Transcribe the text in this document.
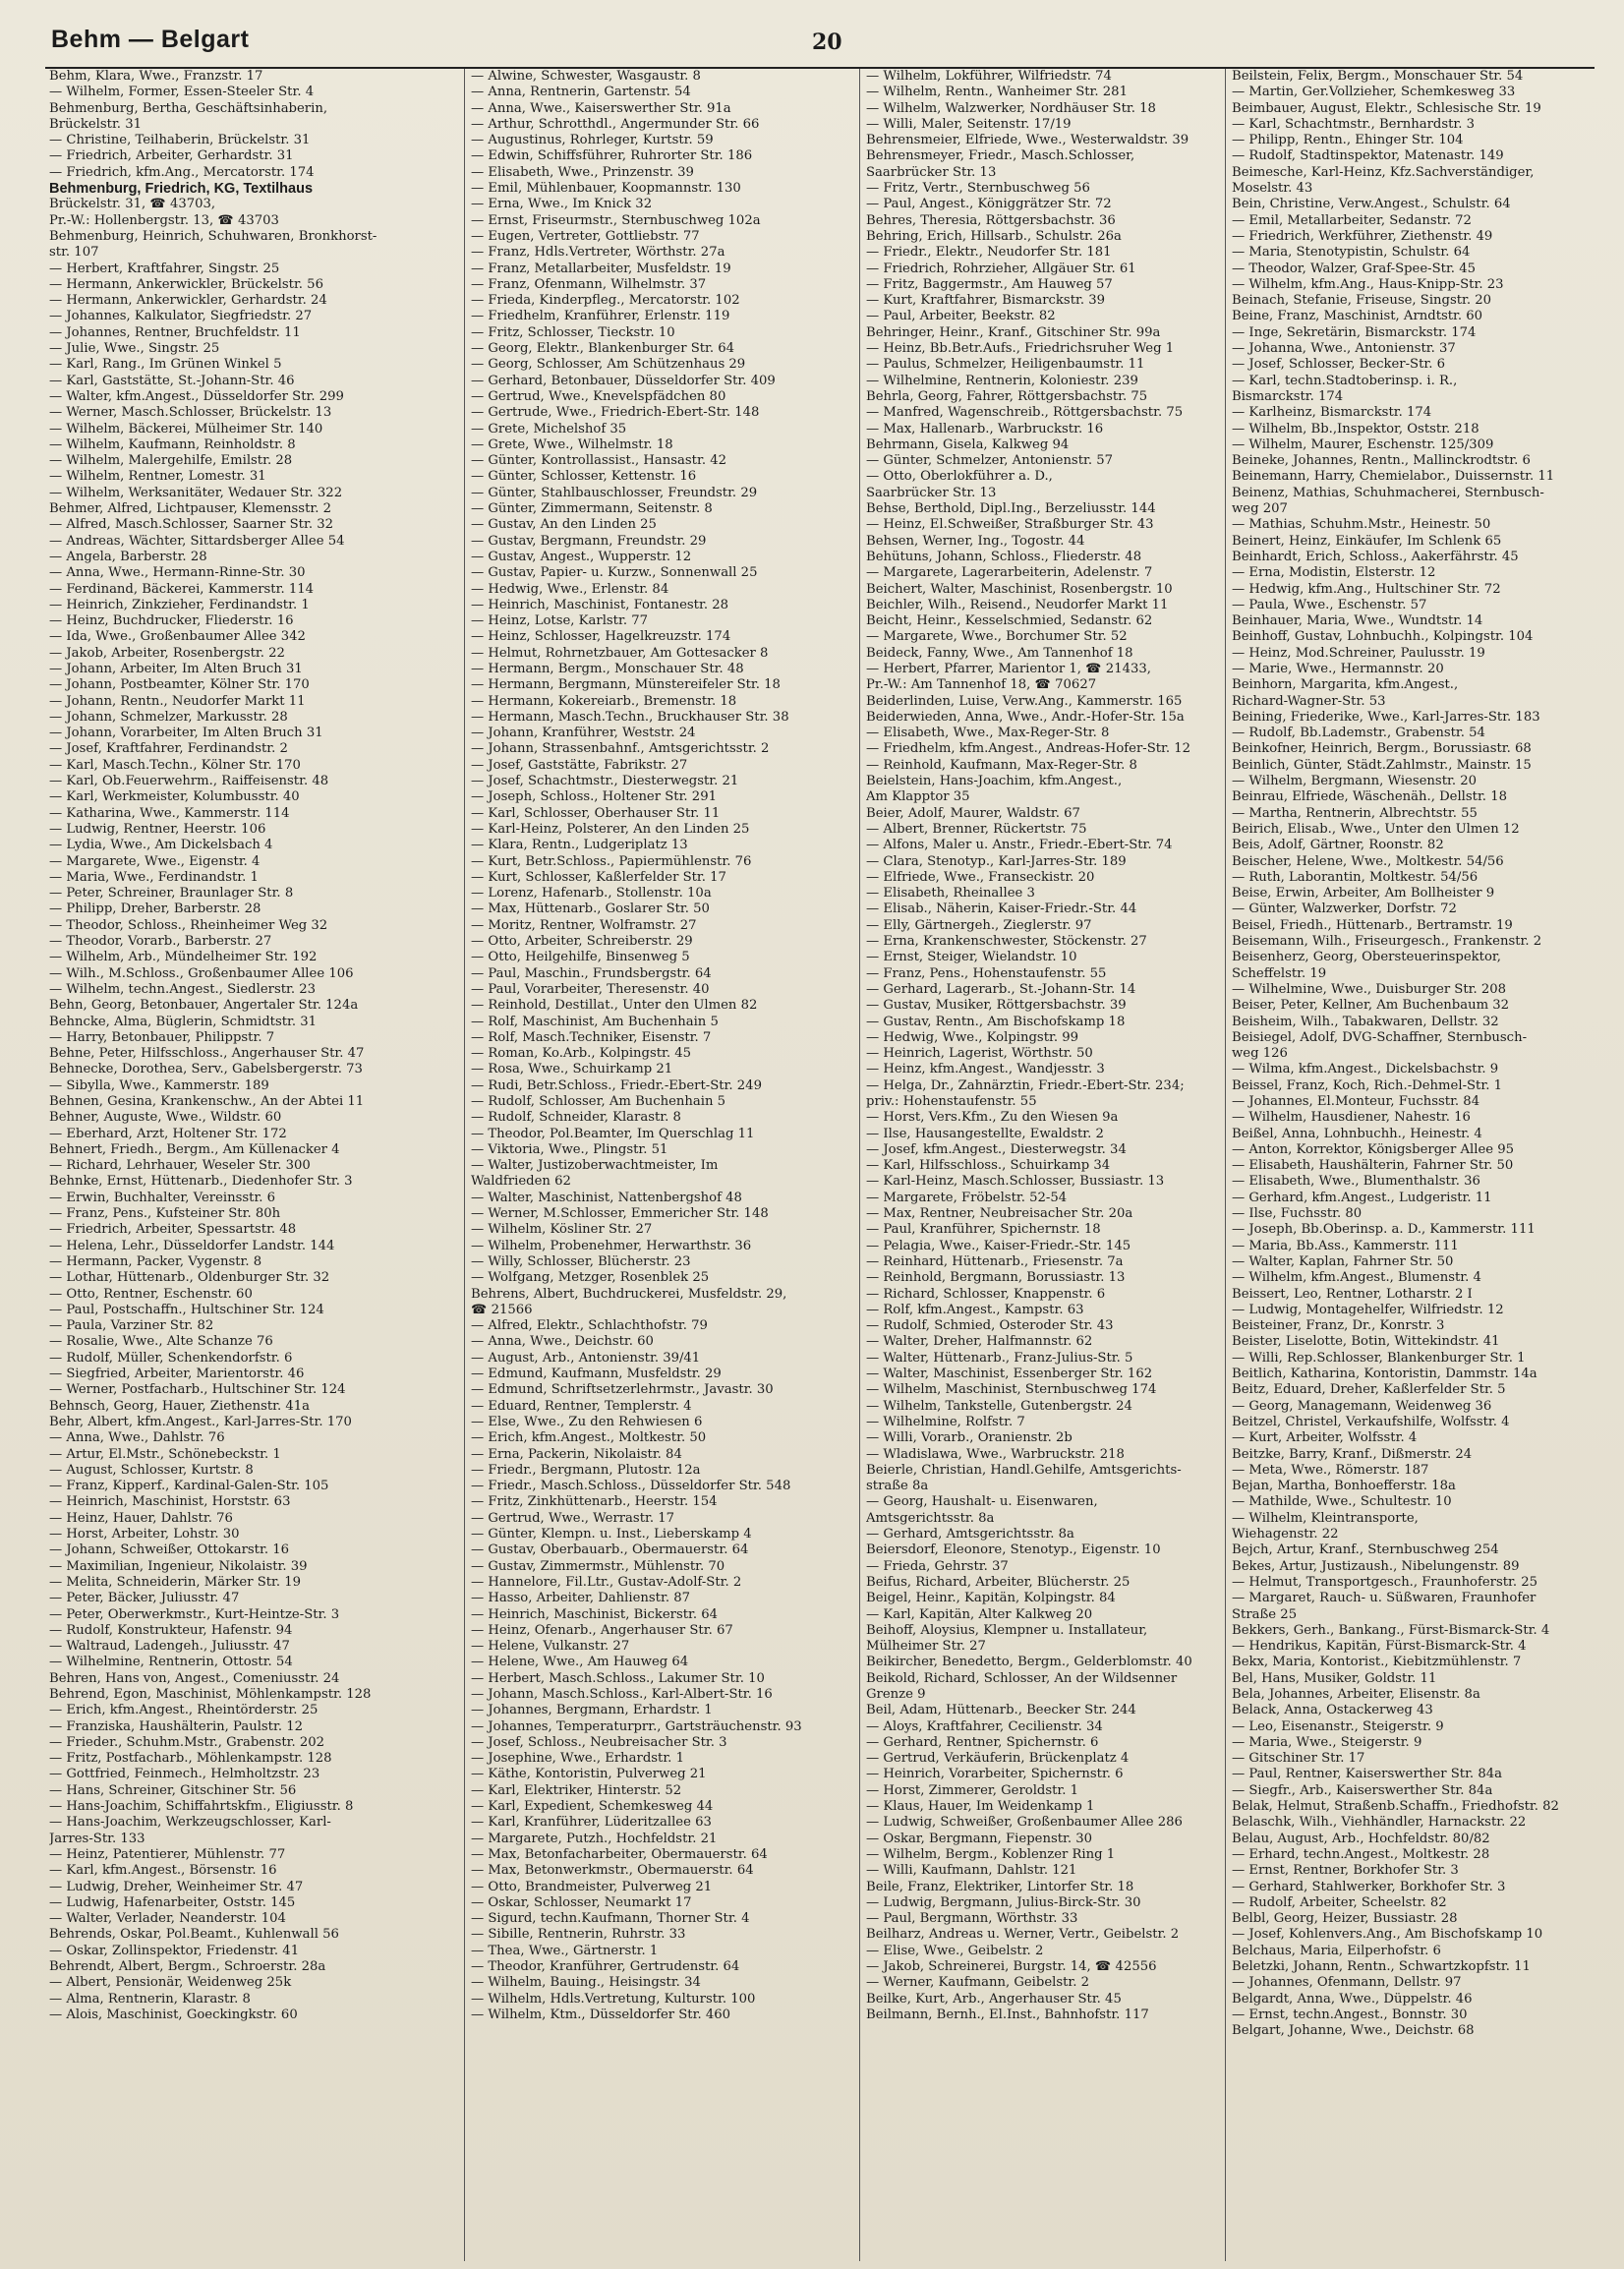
Behm — Belgart	20
Behm, Klara, Wwe., Franzstr. 17
— Wilhelm, Former, Essen-Steeler Str. 4
Behmenburg, Bertha, Geschäftsinhaberin,
Brückelstr. 31
— Christine, Teilhaberin, Brückelstr. 31
— Friedrich, Arbeiter, Gerhardstr. 31
— Friedrich, kfm.Ang., Mercatorstr. 174
Behmenburg, Friedrich, KG, Textilhaus
Brückelstr. 31, ☎ 43703,
Pr.-W.: Hollenbergstr. 13, ☎ 43703
Behmenburg, Heinrich, Schuhwaren, Bronkhorst-
str. 107
— Herbert, Kraftfahrer, Singstr. 25
— Hermann, Ankerwickler, Brückelstr. 56
— Hermann, Ankerwickler, Gerhardstr. 24
— Johannes, Kalkulator, Siegfriedstr. 27
— Johannes, Rentner, Bruchfeldstr. 11
— Julie, Wwe., Singstr. 25
— Karl, Rang., Im Grünen Winkel 5
— Karl, Gaststätte, St.-Johann-Str. 46
— Walter, kfm.Angest., Düsseldorfer Str. 299
— Werner, Masch.Schlosser, Brückelstr. 13
— Wilhelm, Bäckerei, Mülheimer Str. 140
— Wilhelm, Kaufmann, Reinholdstr. 8
— Wilhelm, Malergehilfe, Emilstr. 28
— Wilhelm, Rentner, Lomestr. 31
— Wilhelm, Werksanitäter, Wedauer Str. 322
Behmer, Alfred, Lichtpauser, Klemensstr. 2
— Alfred, Masch.Schlosser, Saarner Str. 32
— Andreas, Wächter, Sittardsberger Allee 54
— Angela, Barberstr. 28
— Anna, Wwe., Hermann-Rinne-Str. 30
— Ferdinand, Bäckerei, Kammerstr. 114
— Heinrich, Zinkzieher, Ferdinandstr. 1
— Heinz, Buchdrucker, Fliederstr. 16
— Ida, Wwe., Großenbaumer Allee 342
— Jakob, Arbeiter, Rosenbergstr. 22
— Johann, Arbeiter, Im Alten Bruch 31
— Johann, Postbeamter, Kölner Str. 170
— Johann, Rentn., Neudorfer Markt 11
— Johann, Schmelzer, Markusstr. 28
— Johann, Vorarbeiter, Im Alten Bruch 31
— Josef, Kraftfahrer, Ferdinandstr. 2
— Karl, Masch.Techn., Kölner Str. 170
— Karl, Ob.Feuerwehrm., Raiffeisenstr. 48
— Karl, Werkmeister, Kolumbusstr. 40
— Katharina, Wwe., Kammerstr. 114
— Ludwig, Rentner, Heerstr. 106
— Lydia, Wwe., Am Dickelsbach 4
— Margarete, Wwe., Eigenstr. 4
— Maria, Wwe., Ferdinandstr. 1
— Peter, Schreiner, Braunlager Str. 8
— Philipp, Dreher, Barberstr. 28
— Theodor, Schloss., Rheinheimer Weg 32
— Theodor, Vorarb., Barberstr. 27
— Wilhelm, Arb., Mündelheimer Str. 192
— Wilh., M.Schloss., Großenbaumer Allee 106
— Wilhelm, techn.Angest., Siedlerstr. 23
Behn, Georg, Betonbauer, Angertaler Str. 124a
Behncke, Alma, Büglerin, Schmidtstr. 31
— Harry, Betonbauer, Philippstr. 7
Behne, Peter, Hilfsschloss., Angerhauser Str. 47
Behnecke, Dorothea, Serv., Gabelsbergerstr. 73
— Sibylla, Wwe., Kammerstr. 189
Behnen, Gesina, Krankenschw., An der Abtei 11
Behner, Auguste, Wwe., Wildstr. 60
— Eberhard, Arzt, Holtener Str. 172
Behnert, Friedh., Bergm., Am Küllenacker 4
— Richard, Lehrhauer, Weseler Str. 300
Behnke, Ernst, Hüttenarb., Diedenhofer Str. 3
— Erwin, Buchhalter, Vereinsstr. 6
— Franz, Pens., Kufsteiner Str. 80h
— Friedrich, Arbeiter, Spessartstr. 48
— Helena, Lehr., Düsseldorfer Landstr. 144
— Hermann, Packer, Vygenstr. 8
— Lothar, Hüttenarb., Oldenburger Str. 32
— Otto, Rentner, Eschenstr. 60
— Paul, Postschaffn., Hultschiner Str. 124
— Paula, Varziner Str. 82
— Rosalie, Wwe., Alte Schanze 76
— Rudolf, Müller, Schenkendorfstr. 6
— Siegfried, Arbeiter, Marientorstr. 46
— Werner, Postfacharb., Hultschiner Str. 124
Behnsch, Georg, Hauer, Ziethenstr. 41a
Behr, Albert, kfm.Angest., Karl-Jarres-Str. 170
— Anna, Wwe., Dahlstr. 76
— Artur, El.Mstr., Schönebeckstr. 1
— August, Schlosser, Kurtstr. 8
— Franz, Kipperf., Kardinal-Galen-Str. 105
— Heinrich, Maschinist, Horststr. 63
— Heinz, Hauer, Dahlstr. 76
— Horst, Arbeiter, Lohstr. 30
— Johann, Schweißer, Ottokarstr. 16
— Maximilian, Ingenieur, Nikolaistr. 39
— Melita, Schneiderin, Märker Str. 19
— Peter, Bäcker, Juliusstr. 47
— Peter, Oberwerkmstr., Kurt-Heintze-Str. 3
— Rudolf, Konstrukteur, Hafenstr. 94
— Waltraud, Ladengeh., Juliusstr. 47
— Wilhelmine, Rentnerin, Ottostr. 54
Behren, Hans von, Angest., Comeniusstr. 24
Behrend, Egon, Maschinist, Möhlenkampstr. 128
— Erich, kfm.Angest., Rheintörderstr. 25
— Franziska, Haushälterin, Paulstr. 12
— Frieder., Schuhm.Mstr., Grabenstr. 202
— Fritz, Postfacharb., Möhlenkampstr. 128
— Gottfried, Feinmech., Helmholtzstr. 23
— Hans, Schreiner, Gitschiner Str. 56
— Hans-Joachim, Schiffahrtskfm., Eligiusstr. 8
— Hans-Joachim, Werkzeugschlosser, Karl-
Jarres-Str. 133
— Heinz, Patentierer, Mühlenstr. 77
— Karl, kfm.Angest., Börsenstr. 16
— Ludwig, Dreher, Weinheimer Str. 47
— Ludwig, Hafenarbeiter, Oststr. 145
— Walter, Verlader, Neanderstr. 104
Behrends, Oskar, Pol.Beamt., Kuhlenwall 56
— Oskar, Zollinspektor, Friedenstr. 41
Behrendt, Albert, Bergm., Schroerstr. 28a
— Albert, Pensionär, Weidenweg 25k
— Alma, Rentnerin, Klarastr. 8
— Alois, Maschinist, Goeckingkstr. 60
— Alwine, Schwester, Wasgaustr. 8
— Anna, Rentnerin, Gartenstr. 54
— Anna, Wwe., Kaiserswerther Str. 91a
— Arthur, Schrotthdl., Angermunder Str. 66
— Augustinus, Rohrleger, Kurtstr. 59
— Edwin, Schiffsführer, Ruhrorter Str. 186
— Elisabeth, Wwe., Prinzenstr. 39
— Emil, Mühlenbauer, Koopmannstr. 130
— Erna, Wwe., Im Knick 32
— Ernst, Friseurmstr., Sternbuschweg 102a
— Eugen, Vertreter, Gottliebstr. 77
— Franz, Hdls.Vertreter, Wörthstr. 27a
— Franz, Metallarbeiter, Musfeldstr. 19
— Franz, Ofenmann, Wilhelmstr. 37
— Frieda, Kinderpfleg., Mercatorstr. 102
— Friedhelm, Kranführer, Erlenstr. 119
— Fritz, Schlosser, Tieckstr. 10
— Georg, Elektr., Blankenburger Str. 64
— Georg, Schlosser, Am Schützenhaus 29
— Gerhard, Betonbauer, Düsseldorfer Str. 409
— Gertrud, Wwe., Knevelspfädchen 80
— Gertrude, Wwe., Friedrich-Ebert-Str. 148
— Grete, Michelshof 35
— Grete, Wwe., Wilhelmstr. 18
— Günter, Kontrollassist., Hansastr. 42
— Günter, Schlosser, Kettenstr. 16
— Günter, Stahlbauschlosser, Freundstr. 29
— Günter, Zimmermann, Seitenstr. 8
— Gustav, An den Linden 25
— Gustav, Bergmann, Freundstr. 29
— Gustav, Angest., Wupperstr. 12
— Gustav, Papier- u. Kurzw., Sonnenwall 25
— Hedwig, Wwe., Erlenstr. 84
— Heinrich, Maschinist, Fontanestr. 28
— Heinz, Lotse, Karlstr. 77
— Heinz, Schlosser, Hagelkreuzstr. 174
— Helmut, Rohrnetzbauer, Am Gottesacker 8
— Hermann, Bergm., Monschauer Str. 48
— Hermann, Bergmann, Münstereifeler Str. 18
— Hermann, Kokereiarb., Bremenstr. 18
— Hermann, Masch.Techn., Bruckhauser Str. 38
— Johann, Kranführer, Weststr. 24
— Johann, Strassenbahnf., Amtsgerichtsstr. 2
— Josef, Gaststätte, Fabrikstr. 27
— Josef, Schachtmstr., Diesterwegstr. 21
— Joseph, Schloss., Holtener Str. 291
— Karl, Schlosser, Oberhauser Str. 11
— Karl-Heinz, Polsterer, An den Linden 25
— Klara, Rentn., Ludgeriplatz 13
— Kurt, Betr.Schloss., Papiermühlenstr. 76
— Kurt, Schlosser, Kaßlerfelder Str. 17
— Lorenz, Hafenarb., Stollenstr. 10a
— Max, Hüttenarb., Goslarer Str. 50
— Moritz, Rentner, Wolframstr. 27
— Otto, Arbeiter, Schreiberstr. 29
— Otto, Heilgehilfe, Binsenweg 5
— Paul, Maschin., Frundsbergstr. 64
— Paul, Vorarbeiter, Theresenstr. 40
— Reinhold, Destillat., Unter den Ulmen 82
— Rolf, Maschinist, Am Buchenhain 5
— Rolf, Masch.Techniker, Eisenstr. 7
— Roman, Ko.Arb., Kolpingstr. 45
— Rosa, Wwe., Schuirkamp 21
— Rudi, Betr.Schloss., Friedr.-Ebert-Str. 249
— Rudolf, Schlosser, Am Buchenhain 5
— Rudolf, Schneider, Klarastr. 8
— Theodor, Pol.Beamter, Im Querschlag 11
— Viktoria, Wwe., Plingstr. 51
— Walter, Justizoberwachtmeister, Im
Waldfrieden 62
— Walter, Maschinist, Nattenbergshof 48
— Werner, M.Schlosser, Emmericher Str. 148
— Wilhelm, Kösliner Str. 27
— Wilhelm, Probenehmer, Herwarthstr. 36
— Willy, Schlosser, Blücherstr. 23
— Wolfgang, Metzger, Rosenblek 25
Behrens, Albert, Buchdruckerei, Musfeldstr. 29,
☎ 21566
— Alfred, Elektr., Schlachthofstr. 79
— Anna, Wwe., Deichstr. 60
— August, Arb., Antonienstr. 39/41
— Edmund, Kaufmann, Musfeldstr. 29
— Edmund, Schriftsetzerlehrmstr., Javastr. 30
— Eduard, Rentner, Templerstr. 4
— Else, Wwe., Zu den Rehwiesen 6
— Erich, kfm.Angest., Moltkestr. 50
— Erna, Packerin, Nikolaistr. 84
— Friedr., Bergmann, Plutostr. 12a
— Friedr., Masch.Schloss., Düsseldorfer Str. 548
— Fritz, Zinkhüttenarb., Heerstr. 154
— Gertrud, Wwe., Werrastr. 17
— Günter, Klempn. u. Inst., Lieberskamp 4
— Gustav, Oberbauarb., Obermauerstr. 64
— Gustav, Zimmermstr., Mühlenstr. 70
— Hannelore, Fil.Ltr., Gustav-Adolf-Str. 2
— Hasso, Arbeiter, Dahlienstr. 87
— Heinrich, Maschinist, Bickerstr. 64
— Heinz, Ofenarb., Angerhauser Str. 67
— Helene, Vulkanstr. 27
— Helene, Wwe., Am Hauweg 64
— Herbert, Masch.Schloss., Lakumer Str. 10
— Johann, Masch.Schloss., Karl-Albert-Str. 16
— Johannes, Bergmann, Erhardstr. 1
— Johannes, Temperaturprr., Gartsträuchenstr. 93
— Josef, Schloss., Neubreisacher Str. 3
— Josephine, Wwe., Erhardstr. 1
— Käthe, Kontoristin, Pulverweg 21
— Karl, Elektriker, Hinterstr. 52
— Karl, Expedient, Schemkesweg 44
— Karl, Kranführer, Lüderitzallee 63
— Margarete, Putzh., Hochfeldstr. 21
— Max, Betonfacharbeiter, Obermauerstr. 64
— Max, Betonwerkmstr., Obermauerstr. 64
— Otto, Brandmeister, Pulverweg 21
— Oskar, Schlosser, Neumarkt 17
— Sigurd, techn.Kaufmann, Thorner Str. 4
— Sibille, Rentnerin, Ruhrstr. 33
— Thea, Wwe., Gärtnerstr. 1
— Theodor, Kranführer, Gertrudenstr. 64
— Wilhelm, Bauing., Heisingstr. 34
— Wilhelm, Hdls.Vertretung, Kulturstr. 100
— Wilhelm, Ktm., Düsseldorfer Str. 460
— Wilhelm, Lokführer, Wilfriedstr. 74
— Wilhelm, Rentn., Wanheimer Str. 281
— Wilhelm, Walzwerker, Nordhäuser Str. 18
— Willi, Maler, Seitenstr. 17/19
Behrensmeier, Elfriede, Wwe., Westerwaldstr. 39
Behrensmeyer, Friedr., Masch.Schlosser,
Saarbrücker Str. 13
— Fritz, Vertr., Sternbuschweg 56
— Paul, Angest., Königgrätzer Str. 72
Behres, Theresia, Röttgersbachstr. 36
Behring, Erich, Hillsarb., Schulstr. 26a
— Friedr., Elektr., Neudorfer Str. 181
— Friedrich, Rohrzieher, Allgäuer Str. 61
— Fritz, Baggermstr., Am Hauweg 57
— Kurt, Kraftfahrer, Bismarckstr. 39
— Paul, Arbeiter, Beekstr. 82
Behringer, Heinr., Kranf., Gitschiner Str. 99a
— Heinz, Bb.Betr.Aufs., Friedrichsruher Weg 1
— Paulus, Schmelzer, Heiligenbaumstr. 11
— Wilhelmine, Rentnerin, Koloniestr. 239
Behrla, Georg, Fahrer, Röttgersbachstr. 75
— Manfred, Wagenschreib., Röttgersbachstr. 75
— Max, Hallenarb., Warbruckstr. 16
Behrmann, Gisela, Kalkweg 94
— Günter, Schmelzer, Antonienstr. 57
— Otto, Oberlokführer a. D.,
Saarbrücker Str. 13
Behse, Berthold, Dipl.Ing., Berzeliusstr. 144
— Heinz, El.Schweißer, Straßburger Str. 43
Behsen, Werner, Ing., Togostr. 44
Behütuns, Johann, Schloss., Fliederstr. 48
— Margarete, Lagerarbeiterin, Adelenstr. 7
Beichert, Walter, Maschinist, Rosenbergstr. 10
Beichler, Wilh., Reisend., Neudorfer Markt 11
Beicht, Heinr., Kesselschmied, Sedanstr. 62
— Margarete, Wwe., Borchumer Str. 52
Beideck, Fanny, Wwe., Am Tannenhof 18
— Herbert, Pfarrer, Marientor 1, ☎ 21433,
Pr.-W.: Am Tannenhof 18, ☎ 70627
Beiderlinden, Luise, Verw.Ang., Kammerstr. 165
Beiderwieden, Anna, Wwe., Andr.-Hofer-Str. 15a
— Elisabeth, Wwe., Max-Reger-Str. 8
— Friedhelm, kfm.Angest., Andreas-Hofer-Str. 12
— Reinhold, Kaufmann, Max-Reger-Str. 8
Beielstein, Hans-Joachim, kfm.Angest.,
Am Klapptor 35
Beier, Adolf, Maurer, Waldstr. 67
— Albert, Brenner, Rückertstr. 75
— Alfons, Maler u. Anstr., Friedr.-Ebert-Str. 74
— Clara, Stenotyp., Karl-Jarres-Str. 189
— Elfriede, Wwe., Franseckistr. 20
— Elisabeth, Rheinallee 3
— Elisab., Näherin, Kaiser-Friedr.-Str. 44
— Elly, Gärtnergeh., Zieglerstr. 97
— Erna, Krankenschwester, Stöckenstr. 27
— Ernst, Steiger, Wielandstr. 10
— Franz, Pens., Hohenstaufenstr. 55
— Gerhard, Lagerarb., St.-Johann-Str. 14
— Gustav, Musiker, Röttgersbachstr. 39
— Gustav, Rentn., Am Bischofskamp 18
— Hedwig, Wwe., Kolpingstr. 99
— Heinrich, Lagerist, Wörthstr. 50
— Heinz, kfm.Angest., Wandjesstr. 3
— Helga, Dr., Zahnärztin, Friedr.-Ebert-Str. 234;
priv.: Hohenstaufenstr. 55
— Horst, Vers.Kfm., Zu den Wiesen 9a
— Ilse, Hausangestellte, Ewaldstr. 2
— Josef, kfm.Angest., Diesterwegstr. 34
— Karl, Hilfsschloss., Schuirkamp 34
— Karl-Heinz, Masch.Schlosser, Bussiastr. 13
— Margarete, Fröbelstr. 52-54
— Max, Rentner, Neubreisacher Str. 20a
— Paul, Kranführer, Spichernstr. 18
— Pelagia, Wwe., Kaiser-Friedr.-Str. 145
— Reinhard, Hüttenarb., Friesenstr. 7a
— Reinhold, Bergmann, Borussiastr. 13
— Richard, Schlosser, Knappenstr. 6
— Rolf, kfm.Angest., Kampstr. 63
— Rudolf, Schmied, Osteroder Str. 43
— Walter, Dreher, Halfmannstr. 62
— Walter, Hüttenarb., Franz-Julius-Str. 5
— Walter, Maschinist, Essenberger Str. 162
— Wilhelm, Maschinist, Sternbuschweg 174
— Wilhelm, Tankstelle, Gutenbergstr. 24
— Wilhelmine, Rolfstr. 7
— Willi, Vorarb., Oranienstr. 2b
— Wladislawa, Wwe., Warbruckstr. 218
Beierle, Christian, Handl.Gehilfe, Amtsgerichts-
straße 8a
— Georg, Haushalt- u. Eisenwaren,
Amtsgerichtsstr. 8a
— Gerhard, Amtsgerichtsstr. 8a
Beiersdorf, Eleonore, Stenotyp., Eigenstr. 10
— Frieda, Gehrstr. 37
Beifus, Richard, Arbeiter, Blücherstr. 25
Beigel, Heinr., Kapitän, Kolpingstr. 84
— Karl, Kapitän, Alter Kalkweg 20
Beihoff, Aloysius, Klempner u. Installateur,
Mülheimer Str. 27
Beikircher, Benedetto, Bergm., Gelderblomstr. 40
Beikold, Richard, Schlosser, An der Wildsenner
Grenze 9
Beil, Adam, Hüttenarb., Beecker Str. 244
— Aloys, Kraftfahrer, Cecilienstr. 34
— Gerhard, Rentner, Spichernstr. 6
— Gertrud, Verkäuferin, Brückenplatz 4
— Heinrich, Vorarbeiter, Spichernstr. 6
— Horst, Zimmerer, Geroldstr. 1
— Klaus, Hauer, Im Weidenkamp 1
— Ludwig, Schweißer, Großenbaumer Allee 286
— Oskar, Bergmann, Fiepenstr. 30
— Wilhelm, Bergm., Koblenzer Ring 1
— Willi, Kaufmann, Dahlstr. 121
Beile, Franz, Elektriker, Lintorfer Str. 18
— Ludwig, Bergmann, Julius-Birck-Str. 30
— Paul, Bergmann, Wörthstr. 33
Beilharz, Andreas u. Werner, Vertr., Geibelstr. 2
— Elise, Wwe., Geibelstr. 2
— Jakob, Schreinerei, Burgstr. 14, ☎ 42556
— Werner, Kaufmann, Geibelstr. 2
Beilke, Kurt, Arb., Angerhauser Str. 45
Beilmann, Bernh., El.Inst., Bahnhofstr. 117
Beilstein, Felix, Bergm., Monschauer Str. 54
— Martin, Ger.Vollzieher, Schemkesweg 33
Beimbauer, August, Elektr., Schlesische Str. 19
— Karl, Schachtmstr., Bernhardstr. 3
— Philipp, Rentn., Ehinger Str. 104
— Rudolf, Stadtinspektor, Matenastr. 149
Beimesche, Karl-Heinz, Kfz.Sachverständiger,
Moselstr. 43
Bein, Christine, Verw.Angest., Schulstr. 64
— Emil, Metallarbeiter, Sedanstr. 72
— Friedrich, Werkführer, Ziethenstr. 49
— Maria, Stenotypistin, Schulstr. 64
— Theodor, Walzer, Graf-Spee-Str. 45
— Wilhelm, kfm.Ang., Haus-Knipp-Str. 23
Beinach, Stefanie, Friseuse, Singstr. 20
Beine, Franz, Maschinist, Arndtstr. 60
— Inge, Sekretärin, Bismarckstr. 174
— Johanna, Wwe., Antonienstr. 37
— Josef, Schlosser, Becker-Str. 6
— Karl, techn.Stadtoberinsp. i. R.,
Bismarckstr. 174
— Karlheinz, Bismarckstr. 174
— Wilhelm, Bb.,Inspektor, Oststr. 218
— Wilhelm, Maurer, Eschenstr. 125/309
Beineke, Johannes, Rentn., Mallinckrodtstr. 6
Beinemann, Harry, Chemielabor., Duissernstr. 11
Beinenz, Mathias, Schuhmacherei, Sternbusch-
weg 207
— Mathias, Schuhm.Mstr., Heinestr. 50
Beinert, Heinz, Einkäufer, Im Schlenk 65
Beinhardt, Erich, Schloss., Aakerfährstr. 45
— Erna, Modistin, Elsterstr. 12
— Hedwig, kfm.Ang., Hultschiner Str. 72
— Paula, Wwe., Eschenstr. 57
Beinhauer, Maria, Wwe., Wundtstr. 14
Beinhoff, Gustav, Lohnbuchh., Kolpingstr. 104
— Heinz, Mod.Schreiner, Paulusstr. 19
— Marie, Wwe., Hermannstr. 20
Beinhorn, Margarita, kfm.Angest.,
Richard-Wagner-Str. 53
Beining, Friederike, Wwe., Karl-Jarres-Str. 183
— Rudolf, Bb.Lademstr., Grabenstr. 54
Beinkofner, Heinrich, Bergm., Borussiastr. 68
Beinlich, Günter, Städt.Zahlmstr., Mainstr. 15
— Wilhelm, Bergmann, Wiesenstr. 20
Beinrau, Elfriede, Wäschenäh., Dellstr. 18
— Martha, Rentnerin, Albrechtstr. 55
Beirich, Elisab., Wwe., Unter den Ulmen 12
Beis, Adolf, Gärtner, Roonstr. 82
Beischer, Helene, Wwe., Moltkestr. 54/56
— Ruth, Laborantin, Moltkestr. 54/56
Beise, Erwin, Arbeiter, Am Bollheister 9
— Günter, Walzwerker, Dorfstr. 72
Beisel, Friedh., Hüttenarb., Bertramstr. 19
Beisemann, Wilh., Friseurgesch., Frankenstr. 2
Beisenherz, Georg, Obersteuerinspektor,
Scheffelstr. 19
— Wilhelmine, Wwe., Duisburger Str. 208
Beiser, Peter, Kellner, Am Buchenbaum 32
Beisheim, Wilh., Tabakwaren, Dellstr. 32
Beisiegel, Adolf, DVG-Schaffner, Sternbusch-
weg 126
— Wilma, kfm.Angest., Dickelsbachstr. 9
Beissel, Franz, Koch, Rich.-Dehmel-Str. 1
— Johannes, El.Monteur, Fuchsstr. 84
— Wilhelm, Hausdiener, Nahestr. 16
Beißel, Anna, Lohnbuchh., Heinestr. 4
— Anton, Korrektor, Königsberger Allee 95
— Elisabeth, Haushälterin, Fahrner Str. 50
— Elisabeth, Wwe., Blumenthalstr. 36
— Gerhard, kfm.Angest., Ludgeristr. 11
— Ilse, Fuchsstr. 80
— Joseph, Bb.Oberinsp. a. D., Kammerstr. 111
— Maria, Bb.Ass., Kammerstr. 111
— Walter, Kaplan, Fahrner Str. 50
— Wilhelm, kfm.Angest., Blumenstr. 4
Beissert, Leo, Rentner, Lotharstr. 2 I
— Ludwig, Montagehelfer, Wilfriedstr. 12
Beisteiner, Franz, Dr., Konrstr. 3
Beister, Liselotte, Botin, Wittekindstr. 41
— Willi, Rep.Schlosser, Blankenburger Str. 1
Beitlich, Katharina, Kontoristin, Dammstr. 14a
Beitz, Eduard, Dreher, Kaßlerfelder Str. 5
— Georg, Managemann, Weidenweg 36
Beitzel, Christel, Verkaufshilfe, Wolfsstr. 4
— Kurt, Arbeiter, Wolfsstr. 4
Beitzke, Barry, Kranf., Dißmerstr. 24
— Meta, Wwe., Römerstr. 187
Bejan, Martha, Bonhoefferstr. 18a
— Mathilde, Wwe., Schultestr. 10
— Wilhelm, Kleintransporte,
Wiehagenstr. 22
Bejch, Artur, Kranf., Sternbuschweg 254
Bekes, Artur, Justizaush., Nibelungenstr. 89
— Helmut, Transportgesch., Fraunhoferstr. 25
— Margaret, Rauch- u. Süßwaren, Fraunhofer
Straße 25
Bekkers, Gerh., Bankang., Fürst-Bismarck-Str. 4
— Hendrikus, Kapitän, Fürst-Bismarck-Str. 4
Bekx, Maria, Kontorist., Kiebitzmühlenstr. 7
Bel, Hans, Musiker, Goldstr. 11
Bela, Johannes, Arbeiter, Elisenstr. 8a
Belack, Anna, Ostackerweg 43
— Leo, Eisenanstr., Steigerstr. 9
— Maria, Wwe., Steigerstr. 9
— Gitschiner Str. 17
— Paul, Rentner, Kaiserswerther Str. 84a
— Siegfr., Arb., Kaiserswerther Str. 84a
Belak, Helmut, Straßenb.Schaffn., Friedhofstr. 82
Belaschk, Wilh., Viehhändler, Harnackstr. 22
Belau, August, Arb., Hochfeldstr. 80/82
— Erhard, techn.Angest., Moltkestr. 28
— Ernst, Rentner, Borkhofer Str. 3
— Gerhard, Stahlwerker, Borkhofer Str. 3
— Rudolf, Arbeiter, Scheelstr. 82
Belbl, Georg, Heizer, Bussiastr. 28
— Josef, Kohlenvers.Ang., Am Bischofskamp 10
Belchaus, Maria, Eilperhofstr. 6
Beletzki, Johann, Rentn., Schwartzkopfstr. 11
— Johannes, Ofenmann, Dellstr. 97
Belgardt, Anna, Wwe., Düppelstr. 46
— Ernst, techn.Angest., Bonnstr. 30
Belgart, Johanne, Wwe., Deichstr. 68
